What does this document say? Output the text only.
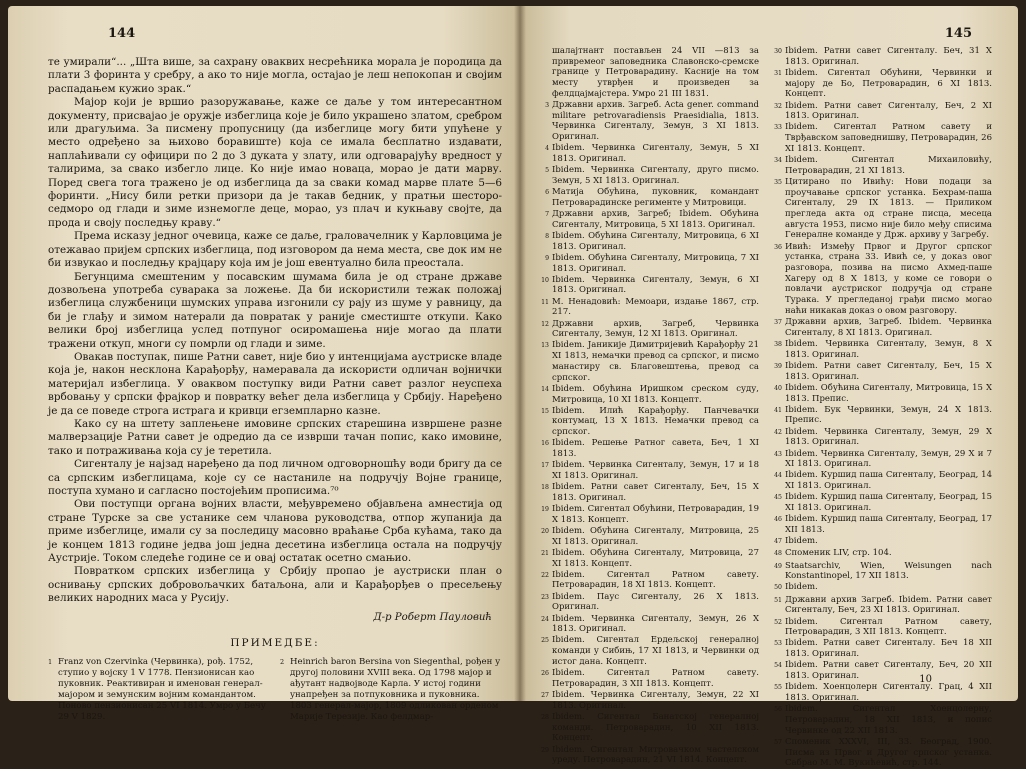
144

те умирали“... „Шта више, за сахрану оваквих несрећника морала је породица да плати 3 форинта у сребру, а ако то није могла, остајао је леш непокопан и својим распадањем кужио зрак.“

Мајор који је вршио разоружавање, каже се даље у том интересантном документу, присвајао је оружје избеглица које је било украшено златом, сребром или драгуљима. За писмену пропусницу (да избеглице могу бити упућене у место одређено за њихово боравиште) која се имала бесплатно издавати, наплаћивали су официри по 2 до 3 дуката у злату, или одговарајућу вредност у талирима, за свако избегло лице. Ко није имао новаца, морао је дати марву. Поред свега тога тражено је од избеглица да за сваки комад марве плате 5—6 форинти. „Нису били ретки призори да је такав бедник, у пратњи шесторо-седморо од глади и зиме изнемогле деце, морао, уз плач и кукњаву својте, да прода и своју последњу краву.“

Према исказу једног очевица, каже се даље, граловачелник у Карловцима је отежавао пријем српских избеглица, под изговором да нема места, све док им не би извукао и последњу крајцару која им је још евентуално била преостала.

Бегунцима смештеним у посавским шумама била је од стране државе дозвољена употреба суварака за ложење. Да би искористили тежак положај избеглица службеници шумских управа изгонили су рају из шуме у равницу, да би је глађу и зимом натерали да повратак у раније сместиште откупи. Како велики број избеглица услед потпуног осиромашења није могао да плати тражени откуп, многи су помрли од глади и зиме.

Овакав поступак, пише Ратни савет, није био у интенцијама аустриске владе која је, након несклона Карађорђу, намеравала да искористи одличан војнички материјал избеглица. У оваквом поступку види Ратни савет разлог неуспеха врбовању у српски фрајкор и повратку већег дела избеглица у Србију. Наређено је да се поведе строга истрага и кривци егземпларно казне.

Како су на штету заплењене имовине српских старешина извршене разне малверзације Ратни савет је одредио да се изврши тачан попис, како имовине, тако и потраживања која су је теретила.

Сигенталу је најзад наређено да под личном одговорношћу води бригу да се са српским избеглицама, које су се настаниле на подручју Војне границе, поступа хумано и сагласно постојећим прописима.⁷⁰

Ови поступци органа војних власти, међувремено објављена амнестија од стране Турске за све устанике сем чланова руководства, отпор жупанија да приме избеглице, имали су за последицу масовно враћање Срба кућама, тако да је концем 1813 године једва још једна десетина избеглица остала на подручју Аустрије. Током следеће године се и овај остатак осетно смањио.

Повратком српских избеглица у Србију пропао је аустриски план о оснивању српских добровољачких батаљона, али и Карађорђев о пресељењу великих народних маса у Русију.

Д-р Роберт Пауловић
ПРИМЕДБЕ:
1 Franz von Czervinka (Червинка), рођ. 1752, ступио у војску 1 V 1778. Пензионисан као пуковник. Реактивиран и именован генерал-мајором и земунским војним командантом. Поново пензионисан 25 VI 1814. Умро у Бечу 29 V 1829.
2 Heinrich baron Bersina von Siegenthal, рођен у другој половини XVIII века. Од 1798 мајор и ађутант надвојводе Карла. У истој години унапређен за потпуковника и пуковника. 1803 генерал-мајор, 1809 одликован орденом Марије Терезије. Као фелдмар-
145
шалајтнант постављен 24 VII —813 за привремеог заповедника Славонско-сремске границе у Петроварадину. Касније на том месту утврђен и произведен за фелдцајмајстера. Умро 21 III 1831.
3 Државни архив. Загреб. Acta gener. command militare petrovaradiensis Praesidialia, 1813. Червинка Сигенталу, Земун, 3 XI 1813. Оригинал.
4 Ibidem. Червинка Сигенталу, Земун, 5 XI 1813. Оригинал.
5 Ibidem. Червинка Сигенталу, друго писмо. Земун, 5 XI 1813. Оригинал.
6 Матија Обућина, пуковник, командант Петроварадинске регименте у Митровици.
7 Државни архив, Загреб; Ibidem. Обућина Сигенталу, Митровица, 5 XI 1813. Оригинал.
8 Ibidem. Обућина Сигенталу, Митровица, 6 XI 1813. Оригинал.
9 Ibidem. Обућина Сигенталу, Митровица, 7 XI 1813. Оригинал.
10 Ibidem. Червинка Сигенталу, Земун, 6 XI 1813. Оригинал.
11 М. Ненадовић: Мемоари, издање 1867, стр. 217.
12 Државни архив, Загреб, Червинка Сигенталу, Земун, 12 XI 1813. Оригинал.
13 Ibidem. Јаникије Димитријевић Карађорђу 21 XI 1813, немачки превод са српског, и писмо манастиру св. Благовештења, превод са српског.
14 Ibidem. Обућина Иришком среском суду, Митровица, 10 XI 1813. Концепт.
15 Ibidem. Илић Карађорђу. Панчевачки контумац, 13 X 1813. Немачки превод са српског.
16 Ibidem. Решење Ратног савета, Беч, 1 XI 1813.
17 Ibidem. Червинка Сигенталу, Земун, 17 и 18 XI 1813. Оригинал.
18 Ibidem. Ратни савет Сигенталу, Беч, 15 X 1813. Оригинал.
19 Ibidem. Сигентал Обућини, Петроварадин, 19 X 1813. Концепт.
20 Ibidem. Обућина Сигенталу, Митровица, 25 XI 1813. Оригинал.
21 Ibidem. Обућина Сигенталу, Митровица, 27 XI 1813. Концепт.
22 Ibidem. Сигентал Ратном савету. Петроварадин, 18 XI 1813. Концепт.
23 Ibidem. Паус Сигенталу, 26 X 1813. Оригинал.
24 Ibidem. Червинка Сигенталу, Земун, 26 X 1813. Оригинал.
25 Ibidem. Сигентал Ердељској генералној команди у Сибињ, 17 XI 1813, и Червинки од истог дана. Концепт.
26 Ibidem. Сигентал Ратном савету. Петроварадин, 3 XII 1813. Концепт.
27 Ibidem. Червинка Сигенталу, Земун, 22 XI 1813. Оригинал.
28 Ibidem. Сигентал Банатској генералној команди. Петроварадин, 10 XII 1813. Концепт.
29 Ibidem. Сигентал Митровачком частелском уреду. Петроварадин, 21 VI 1814. Концепт.
30 Ibidem. Ратни савет Сигенталу. Беч, 31 X 1813. Оригинал.
31 Ibidem. Сигентал Обућини, Червинки и мајору де Бо, Петроварадин, 6 XI 1813. Концепт.
32 Ibidem. Ратни савет Сигенталу, Беч, 2 XI 1813. Оригинал.
33 Ibidem. Сигентал Ратном савету и Тврђавском заповеднишву, Петроварадин, 26 XI 1813. Концепт.
34 Ibidem. Сигентал Михаиловићу, Петроварадин, 21 XI 1813.
35 Цитирано по Ивићу: Нови подаци за проучавање српског устанка. Бехрам-паша Сигенталу, 29 IX 1813. — Приликом прегледа акта од стране писца, месеца августа 1953, писмо није било међу списима Генералне команде у Држ. архиву у Загребу.
36 Ивић: Између Првог и Другог српског устанка, страна 33. Ивић се, у доказ овог разговора, позива на писмо Ахмед-паше Хагеру од 8 X 1813, у коме се говори о повлачи аустриског подручја од стране Турака. У прегледаној грађи писмо могао наћи никакав доказ о овом разговору.
37 Државни архив, Загреб. Ibidem. Червинка Сигенталу, 8 XI 1813. Оригинал.
38 Ibidem. Червинка Сигенталу, Земун, 8 X 1813. Оригинал.
39 Ibidem. Ратни савет Сигенталу, Беч, 15 X 1813. Оригинал.
40 Ibidem. Обућина Сигенталу, Митровица, 15 X 1813. Препис.
41 Ibidem. Бук Червинки, Земун, 24 X 1813. Препис.
42 Ibidem. Червинка Сигенталу, Земун, 29 X 1813. Оригинал.
43 Ibidem. Червинка Сигенталу, Земун, 29 X и 7 XI 1813. Оригинал.
44 Ibidem. Куршид паша Сигенталу, Београд, 14 XI 1813. Оригинал.
45 Ibidem. Куршид паша Сигенталу, Београд, 15 XI 1813. Оригинал.
46 Ibidem. Куршид паша Сигенталу, Београд, 17 XII 1813.
47 Ibidem.
48 Споменик LIV, стр. 104.
49 Staatsarchiv, Wien, Weisungen nach Konstantinopel, 17 XII 1813.
50 Ibidem.
51 Државни архив Загреб. Ibidem. Ратни савет Сигенталу, Беч, 23 XI 1813. Оригинал.
52 Ibidem. Сигентал Ратном савету, Петроварадин, 3 XII 1813. Концепт.
53 Ibidem. Ратни савет Сигенталу. Беч 18 XII 1813. Оригинал.
54 Ibidem. Ратни савет Сигенталу, Беч, 20 XII 1813. Оригинал.
55 Ibidem. Хоенцолерн Сигенталу. Грац, 4 XII 1813. Оригинал.
56 Ibidem. Сигентал Хоенцолерну, Петроварадин, 18 XII 1813, и попис Червинке од 22 XII 1813.
57 Споменик XXXVI, III, 33. Београд, 1900. Писма из Првог и Другог српског устанка. Сабрао М. М. Вукићевић, стр. 144.
10
